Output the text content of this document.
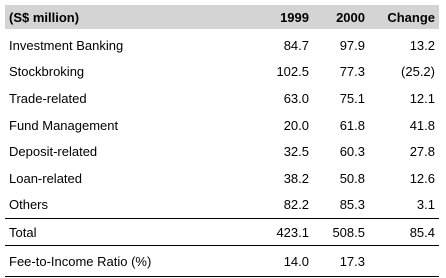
(S$ million)	1999	2000	Change

Investment Banking	84.7	97.9	13.2
Stockbroking	102.5	77.3	(25.2)
Trade-related	63.0	75.1	12.1
Fund Management	20.0	61.8	41.8
Deposit-related	32.5	60.3	27.8
Loan-related	38.2	50.8	12.6
Others	82.2	85.3	3.1
Total	423.1	508.5	85.4
Fee-to-Income Ratio (%)	14.0	17.3	
